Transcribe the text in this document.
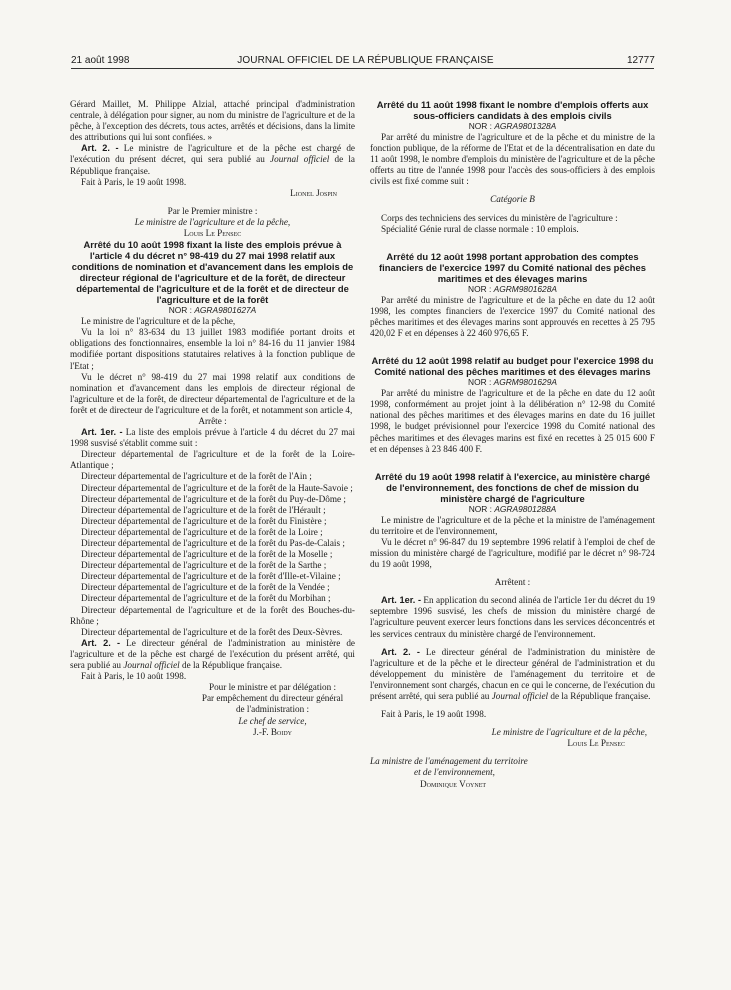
21 août 1998	JOURNAL OFFICIEL DE LA RÉPUBLIQUE FRANÇAISE	12777

Gérard Maillet, M. Philippe Alzial, attaché principal d'administration centrale, à délégation pour signer, au nom du ministre de l'agriculture et de la pêche, à l'exception des décrets, tous actes, arrêtés et décisions, dans la limite des attributions qui lui sont confiées. »

Art. 2. - Le ministre de l'agriculture et de la pêche est chargé de l'exécution du présent décret, qui sera publié au Journal officiel de la République française.

Fait à Paris, le 19 août 1998.

Lionel Jospin

Par le Premier ministre :

Le ministre de l'agriculture et de la pêche,

Louis Le Pensec

Arrêté du 10 août 1998 fixant la liste des emplois prévue à l'article 4 du décret n° 98-419 du 27 mai 1998 relatif aux conditions de nomination et d'avancement dans les emplois de directeur régional de l'agriculture et de la forêt, de directeur départemental de l'agriculture et de la forêt et de directeur de l'agriculture et de la forêt

NOR : AGRA9801627A

Le ministre de l'agriculture et de la pêche,

Vu la loi n° 83-634 du 13 juillet 1983 modifiée portant droits et obligations des fonctionnaires, ensemble la loi n° 84-16 du 11 janvier 1984 modifiée portant dispositions statutaires relatives à la fonction publique de l'Etat ;

Vu le décret n° 98-419 du 27 mai 1998 relatif aux conditions de nomination et d'avancement dans les emplois de directeur régional de l'agriculture et de la forêt, de directeur départemental de l'agriculture et de la forêt et de directeur de l'agriculture et de la forêt, et notamment son article 4,

Arrête :

Art. 1er. - La liste des emplois prévue à l'article 4 du décret du 27 mai 1998 susvisé s'établit comme suit :

Directeur départemental de l'agriculture et de la forêt de la Loire-Atlantique ;

Directeur départemental de l'agriculture et de la forêt de l'Ain ;

Directeur départemental de l'agriculture et de la forêt de la Haute-Savoie ;

Directeur départemental de l'agriculture et de la forêt du Puy-de-Dôme ;

Directeur départemental de l'agriculture et de la forêt de l'Hérault ;

Directeur départemental de l'agriculture et de la forêt du Finistère ;

Directeur départemental de l'agriculture et de la forêt de la Loire ;

Directeur départemental de l'agriculture et de la forêt du Pas-de-Calais ;

Directeur départemental de l'agriculture et de la forêt de la Moselle ;

Directeur départemental de l'agriculture et de la forêt de la Sarthe ;

Directeur départemental de l'agriculture et de la forêt d'Ille-et-Vilaine ;

Directeur départemental de l'agriculture et de la forêt de la Vendée ;

Directeur départemental de l'agriculture et de la forêt du Morbihan ;

Directeur départemental de l'agriculture et de la forêt des Bouches-du-Rhône ;

Directeur départemental de l'agriculture et de la forêt des Deux-Sèvres.

Art. 2. - Le directeur général de l'administration au ministère de l'agriculture et de la pêche est chargé de l'exécution du présent arrêté, qui sera publié au Journal officiel de la République française.

Fait à Paris, le 10 août 1998.

Pour le ministre et par délégation :

Par empêchement du directeur général

de l'administration :

Le chef de service,

J.-F. Boidy

Arrêté du 11 août 1998 fixant le nombre d'emplois offerts aux sous-officiers candidats à des emplois civils

NOR : AGRA9801328A

Par arrêté du ministre de l'agriculture et de la pêche et du ministre de la fonction publique, de la réforme de l'Etat et de la décentralisation en date du 11 août 1998, le nombre d'emplois du ministère de l'agriculture et de la pêche offerts au titre de l'année 1998 pour l'accès des sous-officiers à des emplois civils est fixé comme suit :

Catégorie B

Corps des techniciens des services du ministère de l'agriculture :

Spécialité Génie rural de classe normale : 10 emplois.

Arrêté du 12 août 1998 portant approbation des comptes financiers de l'exercice 1997 du Comité national des pêches maritimes et des élevages marins

NOR : AGRM9801628A

Par arrêté du ministre de l'agriculture et de la pêche en date du 12 août 1998, les comptes financiers de l'exercice 1997 du Comité national des pêches maritimes et des élevages marins sont approuvés en recettes à 25 795 420,02 F et en dépenses à 22 460 976,65 F.

Arrêté du 12 août 1998 relatif au budget pour l'exercice 1998 du Comité national des pêches maritimes et des élevages marins

NOR : AGRM9801629A

Par arrêté du ministre de l'agriculture et de la pêche en date du 12 août 1998, conformément au projet joint à la délibération n° 12-98 du Comité national des pêches maritimes et des élevages marins en date du 16 juillet 1998, le budget prévisionnel pour l'exercice 1998 du Comité national des pêches maritimes et des élevages marins est fixé en recettes à 25 015 600 F et en dépenses à 23 846 400 F.

Arrêté du 19 août 1998 relatif à l'exercice, au ministère chargé de l'environnement, des fonctions de chef de mission du ministère chargé de l'agriculture

NOR : AGRA9801288A

Le ministre de l'agriculture et de la pêche et la ministre de l'aménagement du territoire et de l'environnement,

Vu le décret n° 96-847 du 19 septembre 1996 relatif à l'emploi de chef de mission du ministère chargé de l'agriculture, modifié par le décret n° 98-724 du 19 août 1998,

Arrêtent :

Art. 1er. - En application du second alinéa de l'article 1er du décret du 19 septembre 1996 susvisé, les chefs de mission du ministère chargé de l'agriculture peuvent exercer leurs fonctions dans les services déconcentrés et les services centraux du ministère chargé de l'environnement.

Art. 2. - Le directeur général de l'administration du ministère de l'agriculture et de la pêche et le directeur général de l'administration et du développement du ministère de l'aménagement du territoire et de l'environnement sont chargés, chacun en ce qui le concerne, de l'exécution du présent arrêté, qui sera publié au Journal officiel de la République française.

Fait à Paris, le 19 août 1998.

Le ministre de l'agriculture et de la pêche,

Louis Le Pensec

La ministre de l'aménagement du territoire

et de l'environnement,

Dominique Voynet
